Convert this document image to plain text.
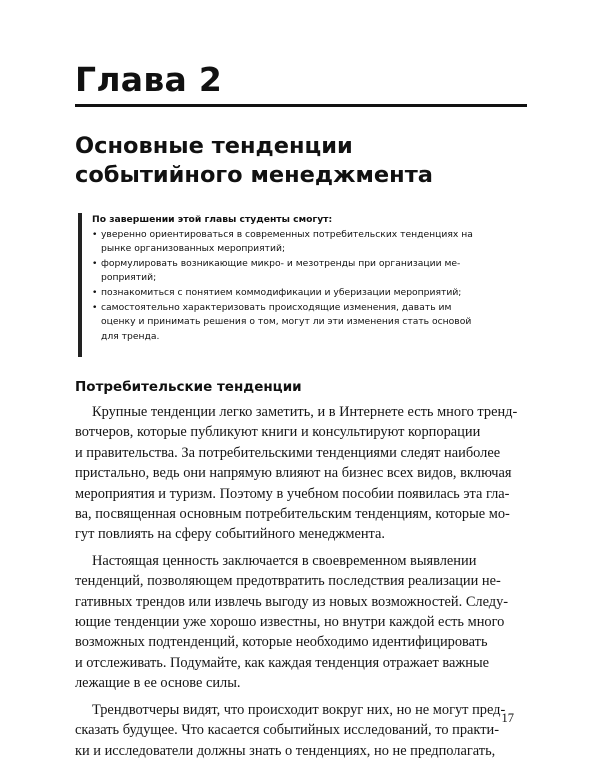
Глава 2
Основные тенденции
событийного менеджмента
По завершении этой главы студенты смогут:
• уверенно ориентироваться в современных потребительских тенденциях на
рынке организованных мероприятий;
• формулировать возникающие микро- и мезотренды при организации ме-
роприятий;
• познакомиться с понятием коммодификации и уберизации мероприятий;
• самостоятельно характеризовать происходящие изменения, давать им
оценку и принимать решения о том, могут ли эти изменения стать основой
для тренда.
Потребительские тенденции
Крупные тенденции легко заметить, и в Интернете есть много тренд-
вотчеров, которые публикуют книги и консультируют корпорации
и правительства. За потребительскими тенденциями следят наиболее
пристально, ведь они напрямую влияют на бизнес всех видов, включая
мероприятия и туризм. Поэтому в учебном пособии появилась эта гла-
ва, посвященная основным потребительским тенденциям, которые мо-
гут повлиять на сферу событийного менеджмента.
Настоящая ценность заключается в своевременном выявлении
тенденций, позволяющем предотвратить последствия реализации не-
гативных трендов или извлечь выгоду из новых возможностей. Следу-
ющие тенденции уже хорошо известны, но внутри каждой есть много
возможных подтенденций, которые необходимо идентифицировать
и отслеживать. Подумайте, как каждая тенденция отражает важные
лежащие в ее основе силы.
Трендвотчеры видят, что происходит вокруг них, но не могут пред-
сказать будущее. Что касается событийных исследований, то практи-
ки и исследователи должны знать о тенденциях, но не предполагать,
17
